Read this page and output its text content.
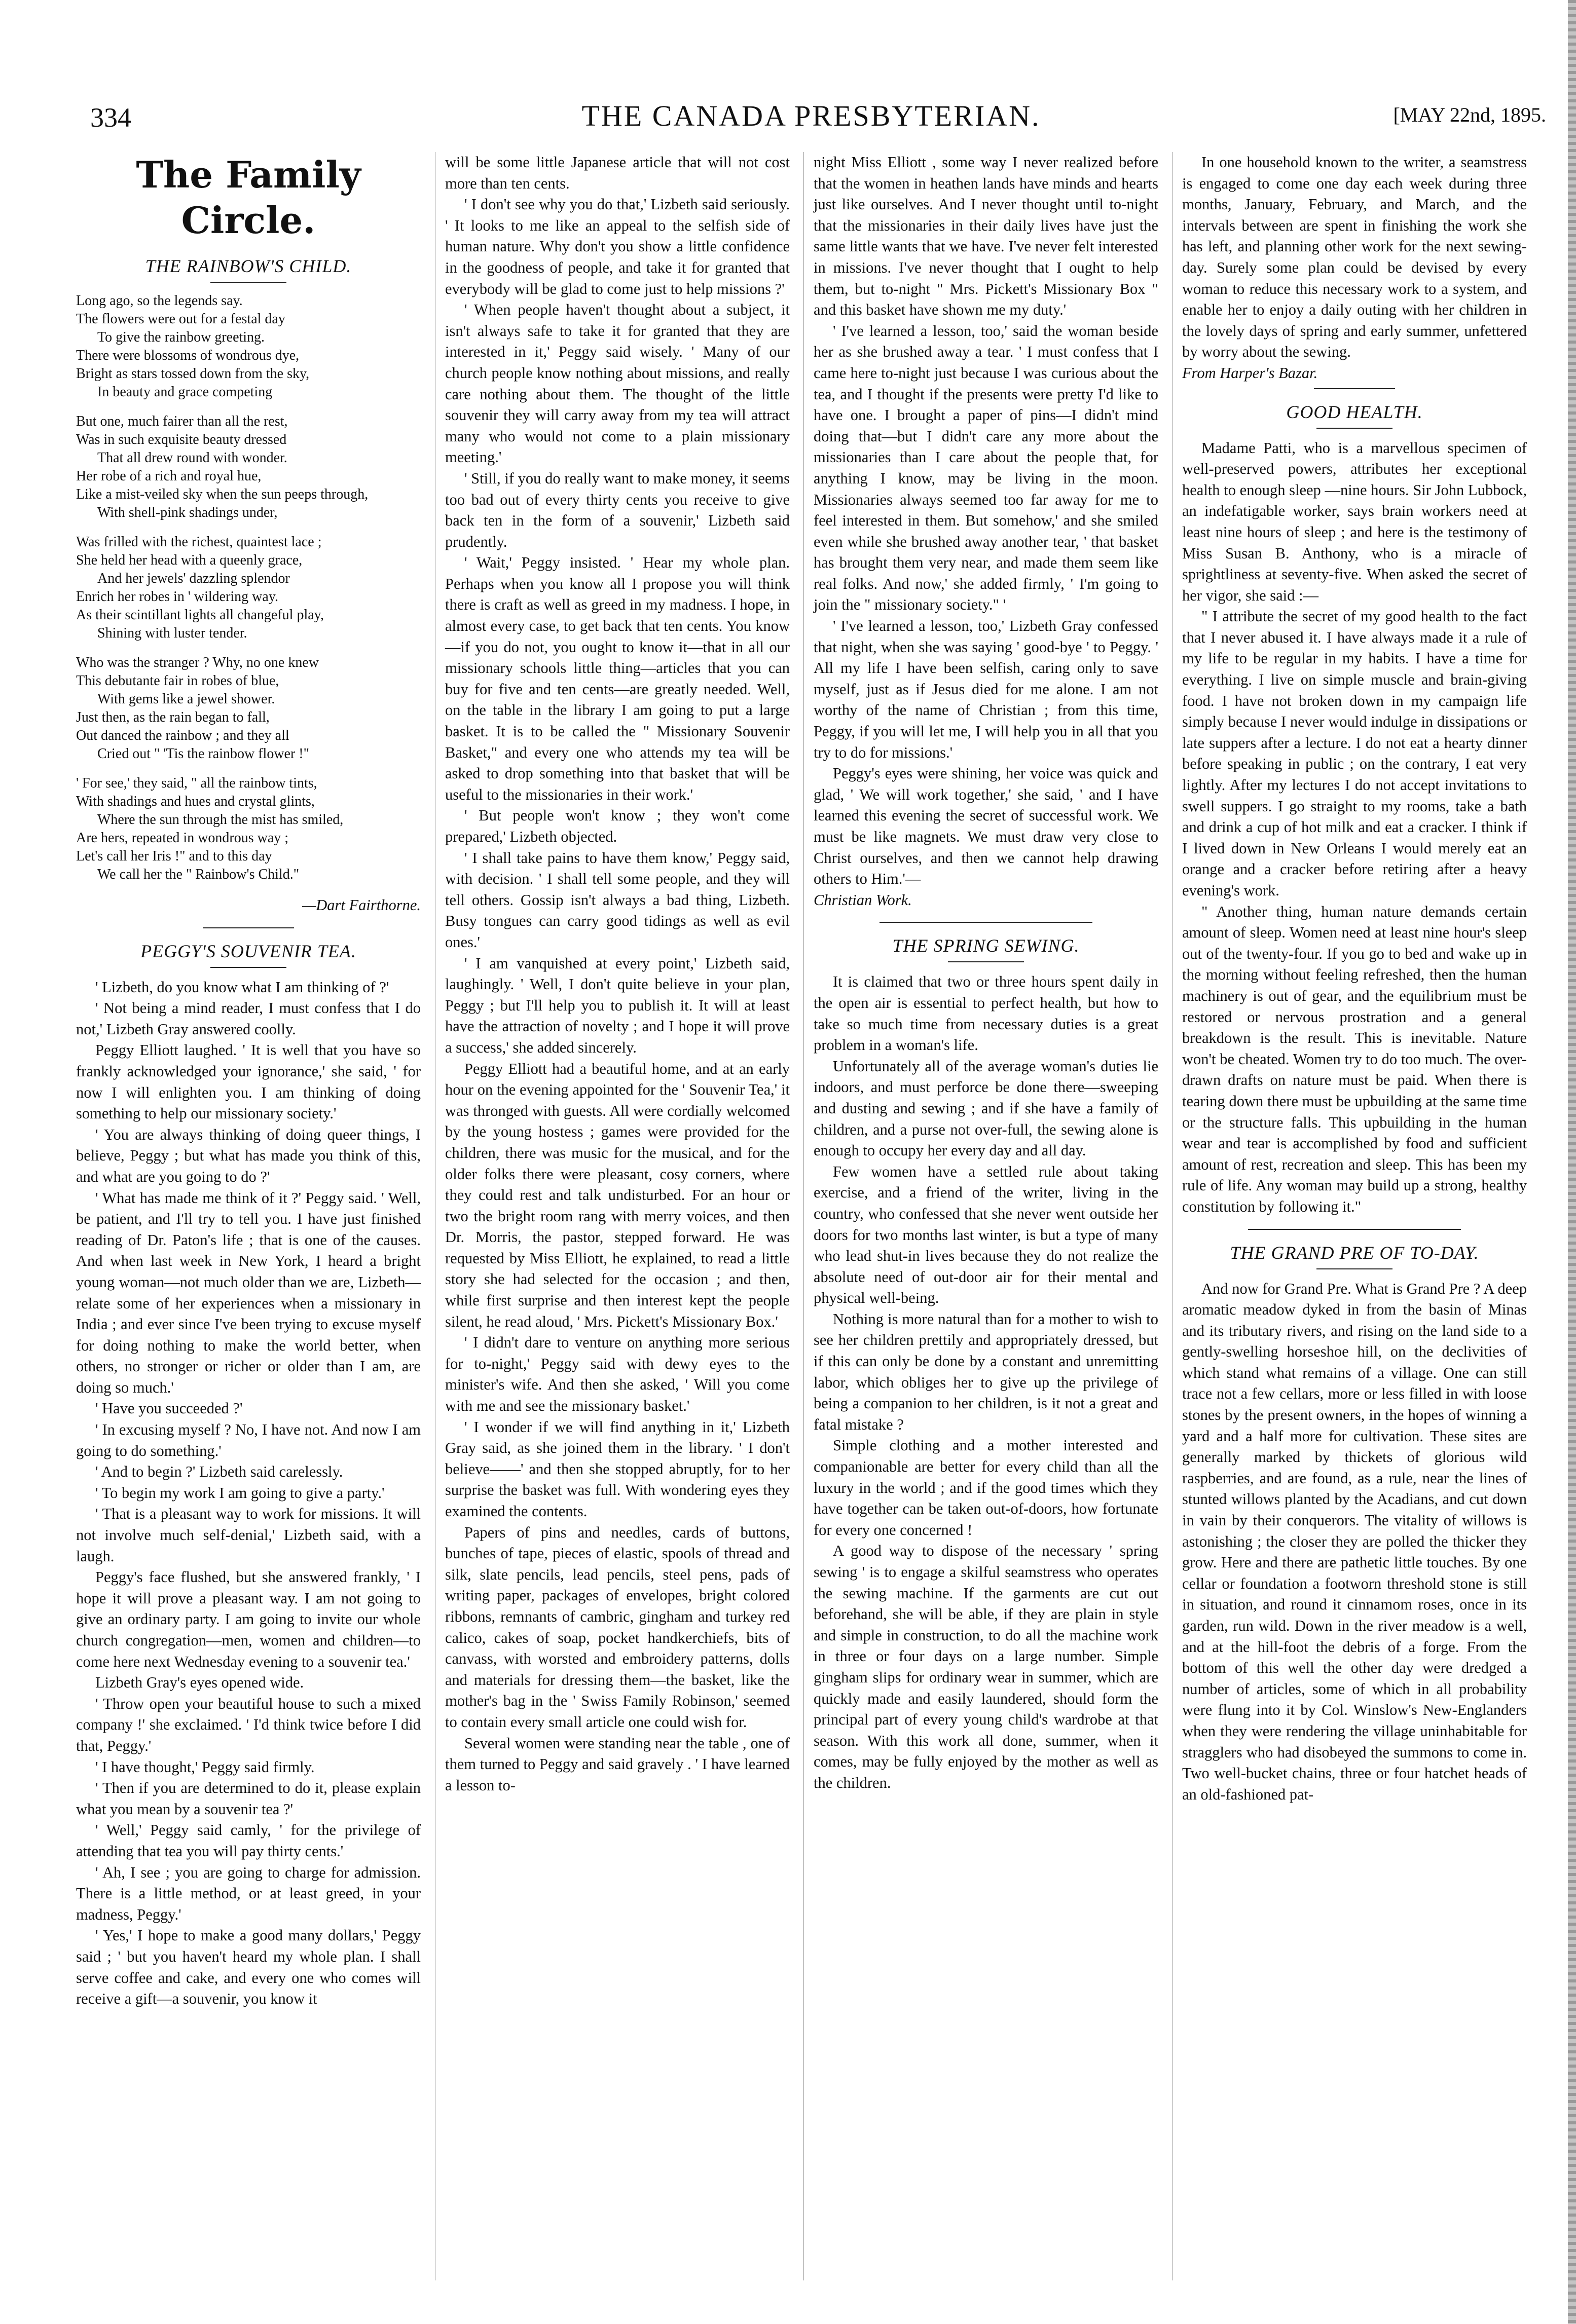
334	THE CANADA PRESBYTERIAN.	[MAY 22nd, 1895.
The Family Circle.
THE RAINBOW'S CHILD.
Long ago, so the legends say.
The flowers were out for a festal day
To give the rainbow greeting.
There were blossoms of wondrous dye,
Bright as stars tossed down from the sky,
In beauty and grace competing
But one, much fairer than all the rest,
Was in such exquisite beauty dressed
That all drew round with wonder.
Her robe of a rich and royal hue,
Like a mist-veiled sky when the sun peeps through,
With shell-pink shadings under,
Was frilled with the richest, quaintest lace ;
She held her head with a queenly grace,
And her jewels' dazzling splendor
Enrich her robes in ' wildering way.
As their scintillant lights all changeful play,
Shining with luster tender.
Who was the stranger ? Why, no one knew
This debutante fair in robes of blue,
With gems like a jewel shower.
Just then, as the rain began to fall,
Out danced the rainbow ; and they all
Cried out " 'Tis the rainbow flower !"
' For see,' they said, " all the rainbow tints,
With shadings and hues and crystal glints,
Where the sun through the mist has smiled,
Are hers, repeated in wondrous way ;
Let's call her Iris !" and to this day
We call her the " Rainbow's Child."
—Dart Fairthorne.
PEGGY'S SOUVENIR TEA.

' Lizbeth, do you know what I am thinking of ?'

' Not being a mind reader, I must confess that I do not,' Lizbeth Gray answered coolly.

Peggy Elliott laughed. ' It is well that you have so frankly acknowledged your ignorance,' she said, ' for now I will enlighten you. I am thinking of doing something to help our missionary society.'

' You are always thinking of doing queer things, I believe, Peggy ; but what has made you think of this, and what are you going to do ?'

' What has made me think of it ?' Peggy said. ' Well, be patient, and I'll try to tell you. I have just finished reading of Dr. Paton's life ; that is one of the causes. And when last week in New York, I heard a bright young woman—not much older than we are, Lizbeth—relate some of her experiences when a missionary in India ; and ever since I've been trying to excuse myself for doing nothing to make the world better, when others, no stronger or richer or older than I am, are doing so much.'

' Have you succeeded ?'

' In excusing myself ? No, I have not. And now I am going to do something.'

' And to begin ?' Lizbeth said carelessly.

' To begin my work I am going to give a party.'

' That is a pleasant way to work for missions. It will not involve much self-denial,' Lizbeth said, with a laugh.

Peggy's face flushed, but she answered frankly, ' I hope it will prove a pleasant way. I am not going to give an ordinary party. I am going to invite our whole church congregation—men, women and children—to come here next Wednesday evening to a souvenir tea.'

Lizbeth Gray's eyes opened wide.

' Throw open your beautiful house to such a mixed company !' she exclaimed. ' I'd think twice before I did that, Peggy.'

' I have thought,' Peggy said firmly.

' Then if you are determined to do it, please explain what you mean by a souvenir tea ?'

' Well,' Peggy said camly, ' for the privilege of attending that tea you will pay thirty cents.'

' Ah, I see ; you are going to charge for admission. There is a little method, or at least greed, in your madness, Peggy.'

' Yes,' I hope to make a good many dollars,' Peggy said ; ' but you haven't heard my whole plan. I shall serve coffee and cake, and every one who comes will receive a gift—a souvenir, you know it

will be some little Japanese article that will not cost more than ten cents.

' I don't see why you do that,' Lizbeth said seriously. ' It looks to me like an appeal to the selfish side of human nature. Why don't you show a little confidence in the goodness of people, and take it for granted that everybody will be glad to come just to help missions ?'

' When people haven't thought about a subject, it isn't always safe to take it for granted that they are interested in it,' Peggy said wisely. ' Many of our church people know nothing about missions, and really care nothing about them. The thought of the little souvenir they will carry away from my tea will attract many who would not come to a plain missionary meeting.'

' Still, if you do really want to make money, it seems too bad out of every thirty cents you receive to give back ten in the form of a souvenir,' Lizbeth said prudently.

' Wait,' Peggy insisted. ' Hear my whole plan. Perhaps when you know all I propose you will think there is craft as well as greed in my madness. I hope, in almost every case, to get back that ten cents. You know—if you do not, you ought to know it—that in all our missionary schools little thing—articles that you can buy for five and ten cents—are greatly needed. Well, on the table in the library I am going to put a large basket. It is to be called the " Missionary Souvenir Basket," and every one who attends my tea will be asked to drop something into that basket that will be useful to the missionaries in their work.'

' But people won't know ; they won't come prepared,' Lizbeth objected.

' I shall take pains to have them know,' Peggy said, with decision. ' I shall tell some people, and they will tell others. Gossip isn't always a bad thing, Lizbeth. Busy tongues can carry good tidings as well as evil ones.'

' I am vanquished at every point,' Lizbeth said, laughingly. ' Well, I don't quite believe in your plan, Peggy ; but I'll help you to publish it. It will at least have the attraction of novelty ; and I hope it will prove a success,' she added sincerely.

Peggy Elliott had a beautiful home, and at an early hour on the evening appointed for the ' Souvenir Tea,' it was thronged with guests. All were cordially welcomed by the young hostess ; games were provided for the children, there was music for the musical, and for the older folks there were pleasant, cosy corners, where they could rest and talk undisturbed. For an hour or two the bright room rang with merry voices, and then Dr. Morris, the pastor, stepped forward. He was requested by Miss Elliott, he explained, to read a little story she had selected for the occasion ; and then, while first surprise and then interest kept the people silent, he read aloud, ' Mrs. Pickett's Missionary Box.'

' I didn't dare to venture on anything more serious for to-night,' Peggy said with dewy eyes to the minister's wife. And then she asked, ' Will you come with me and see the missionary basket.'

' I wonder if we will find anything in it,' Lizbeth Gray said, as she joined them in the library. ' I don't believe——' and then she stopped abruptly, for to her surprise the basket was full. With wondering eyes they examined the contents.

Papers of pins and needles, cards of buttons, bunches of tape, pieces of elastic, spools of thread and silk, slate pencils, lead pencils, steel pens, pads of writing paper, packages of envelopes, bright colored ribbons, remnants of cambric, gingham and turkey red calico, cakes of soap, pocket handkerchiefs, bits of canvass, with worsted and embroidery patterns, dolls and materials for dressing them—the basket, like the mother's bag in the ' Swiss Family Robinson,' seemed to contain every small article one could wish for.

Several women were standing near the table , one of them turned to Peggy and said gravely . ' I have learned a lesson to-

night Miss Elliott , some way I never realized before that the women in heathen lands have minds and hearts just like ourselves. And I never thought until to-night that the missionaries in their daily lives have just the same little wants that we have. I've never felt interested in missions. I've never thought that I ought to help them, but to-night " Mrs. Pickett's Missionary Box " and this basket have shown me my duty.'

' I've learned a lesson, too,' said the woman beside her as she brushed away a tear. ' I must confess that I came here to-night just because I was curious about the tea, and I thought if the presents were pretty I'd like to have one. I brought a paper of pins—I didn't mind doing that—but I didn't care any more about the missionaries than I care about the people that, for anything I know, may be living in the moon. Missionaries always seemed too far away for me to feel interested in them. But somehow,' and she smiled even while she brushed away another tear, ' that basket has brought them very near, and made them seem like real folks. And now,' she added firmly, ' I'm going to join the " missionary society." '

' I've learned a lesson, too,' Lizbeth Gray confessed that night, when she was saying ' good-bye ' to Peggy. ' All my life I have been selfish, caring only to save myself, just as if Jesus died for me alone. I am not worthy of the name of Christian ; from this time, Peggy, if you will let me, I will help you in all that you try to do for missions.'

Peggy's eyes were shining, her voice was quick and glad, ' We will work together,' she said, ' and I have learned this evening the secret of successful work. We must be like magnets. We must draw very close to Christ ourselves, and then we cannot help drawing others to Him.'—

Christian Work.
THE SPRING SEWING.

It is claimed that two or three hours spent daily in the open air is essential to perfect health, but how to take so much time from necessary duties is a great problem in a woman's life.

Unfortunately all of the average woman's duties lie indoors, and must perforce be done there—sweeping and dusting and sewing ; and if she have a family of children, and a purse not over-full, the sewing alone is enough to occupy her every day and all day.

Few women have a settled rule about taking exercise, and a friend of the writer, living in the country, who confessed that she never went outside her doors for two months last winter, is but a type of many who lead shut-in lives because they do not realize the absolute need of out-door air for their mental and physical well-being.

Nothing is more natural than for a mother to wish to see her children prettily and appropriately dressed, but if this can only be done by a constant and unremitting labor, which obliges her to give up the privilege of being a companion to her children, is it not a great and fatal mistake ?

Simple clothing and a mother interested and companionable are better for every child than all the luxury in the world ; and if the good times which they have together can be taken out-of-doors, how fortunate for every one concerned !

A good way to dispose of the necessary ' spring sewing ' is to engage a skilful seamstress who operates the sewing machine. If the garments are cut out beforehand, she will be able, if they are plain in style and simple in construction, to do all the machine work in three or four days on a large number. Simple gingham slips for ordinary wear in summer, which are quickly made and easily laundered, should form the principal part of every young child's wardrobe at that season. With this work all done, summer, when it comes, may be fully enjoyed by the mother as well as the children.

In one household known to the writer, a seamstress is engaged to come one day each week during three months, January, February, and March, and the intervals between are spent in finishing the work she has left, and planning other work for the next sewing-day. Surely some plan could be devised by every woman to reduce this necessary work to a system, and enable her to enjoy a daily outing with her children in the lovely days of spring and early summer, unfettered by worry about the sewing.

From Harper's Bazar.
GOOD HEALTH.

Madame Patti, who is a marvellous specimen of well-preserved powers, attributes her exceptional health to enough sleep —nine hours. Sir John Lubbock, an indefatigable worker, says brain workers need at least nine hours of sleep ; and here is the testimony of Miss Susan B. Anthony, who is a miracle of sprightliness at seventy-five. When asked the secret of her vigor, she said :—

" I attribute the secret of my good health to the fact that I never abused it. I have always made it a rule of my life to be regular in my habits. I have a time for everything. I live on simple muscle and brain-giving food. I have not broken down in my campaign life simply because I never would indulge in dissipations or late suppers after a lecture. I do not eat a hearty dinner before speaking in public ; on the contrary, I eat very lightly. After my lectures I do not accept invitations to swell suppers. I go straight to my rooms, take a bath and drink a cup of hot milk and eat a cracker. I think if I lived down in New Orleans I would merely eat an orange and a cracker before retiring after a heavy evening's work.

" Another thing, human nature demands certain amount of sleep. Women need at least nine hour's sleep out of the twenty-four. If you go to bed and wake up in the morning without feeling refreshed, then the human machinery is out of gear, and the equilibrium must be restored or nervous prostration and a general breakdown is the result. This is inevitable. Nature won't be cheated. Women try to do too much. The over-drawn drafts on nature must be paid. When there is tearing down there must be upbuilding at the same time or the structure falls. This upbuilding in the human wear and tear is accomplished by food and sufficient amount of rest, recreation and sleep. This has been my rule of life. Any woman may build up a strong, healthy constitution by following it."

THE GRAND PRE OF TO-DAY.

And now for Grand Pre. What is Grand Pre ? A deep aromatic meadow dyked in from the basin of Minas and its tributary rivers, and rising on the land side to a gently-swelling horseshoe hill, on the declivities of which stand what remains of a village. One can still trace not a few cellars, more or less filled in with loose stones by the present owners, in the hopes of winning a yard and a half more for cultivation. These sites are generally marked by thickets of glorious wild raspberries, and are found, as a rule, near the lines of stunted willows planted by the Acadians, and cut down in vain by their conquerors. The vitality of willows is astonishing ; the closer they are polled the thicker they grow. Here and there are pathetic little touches. By one cellar or foundation a footworn threshold stone is still in situation, and round it cinnamom roses, once in its garden, run wild. Down in the river meadow is a well, and at the hill-foot the debris of a forge. From the bottom of this well the other day were dredged a number of articles, some of which in all probability were flung into it by Col. Winslow's New-Englanders when they were rendering the village uninhabitable for stragglers who had disobeyed the summons to come in. Two well-bucket chains, three or four hatchet heads of an old-fashioned pat-
